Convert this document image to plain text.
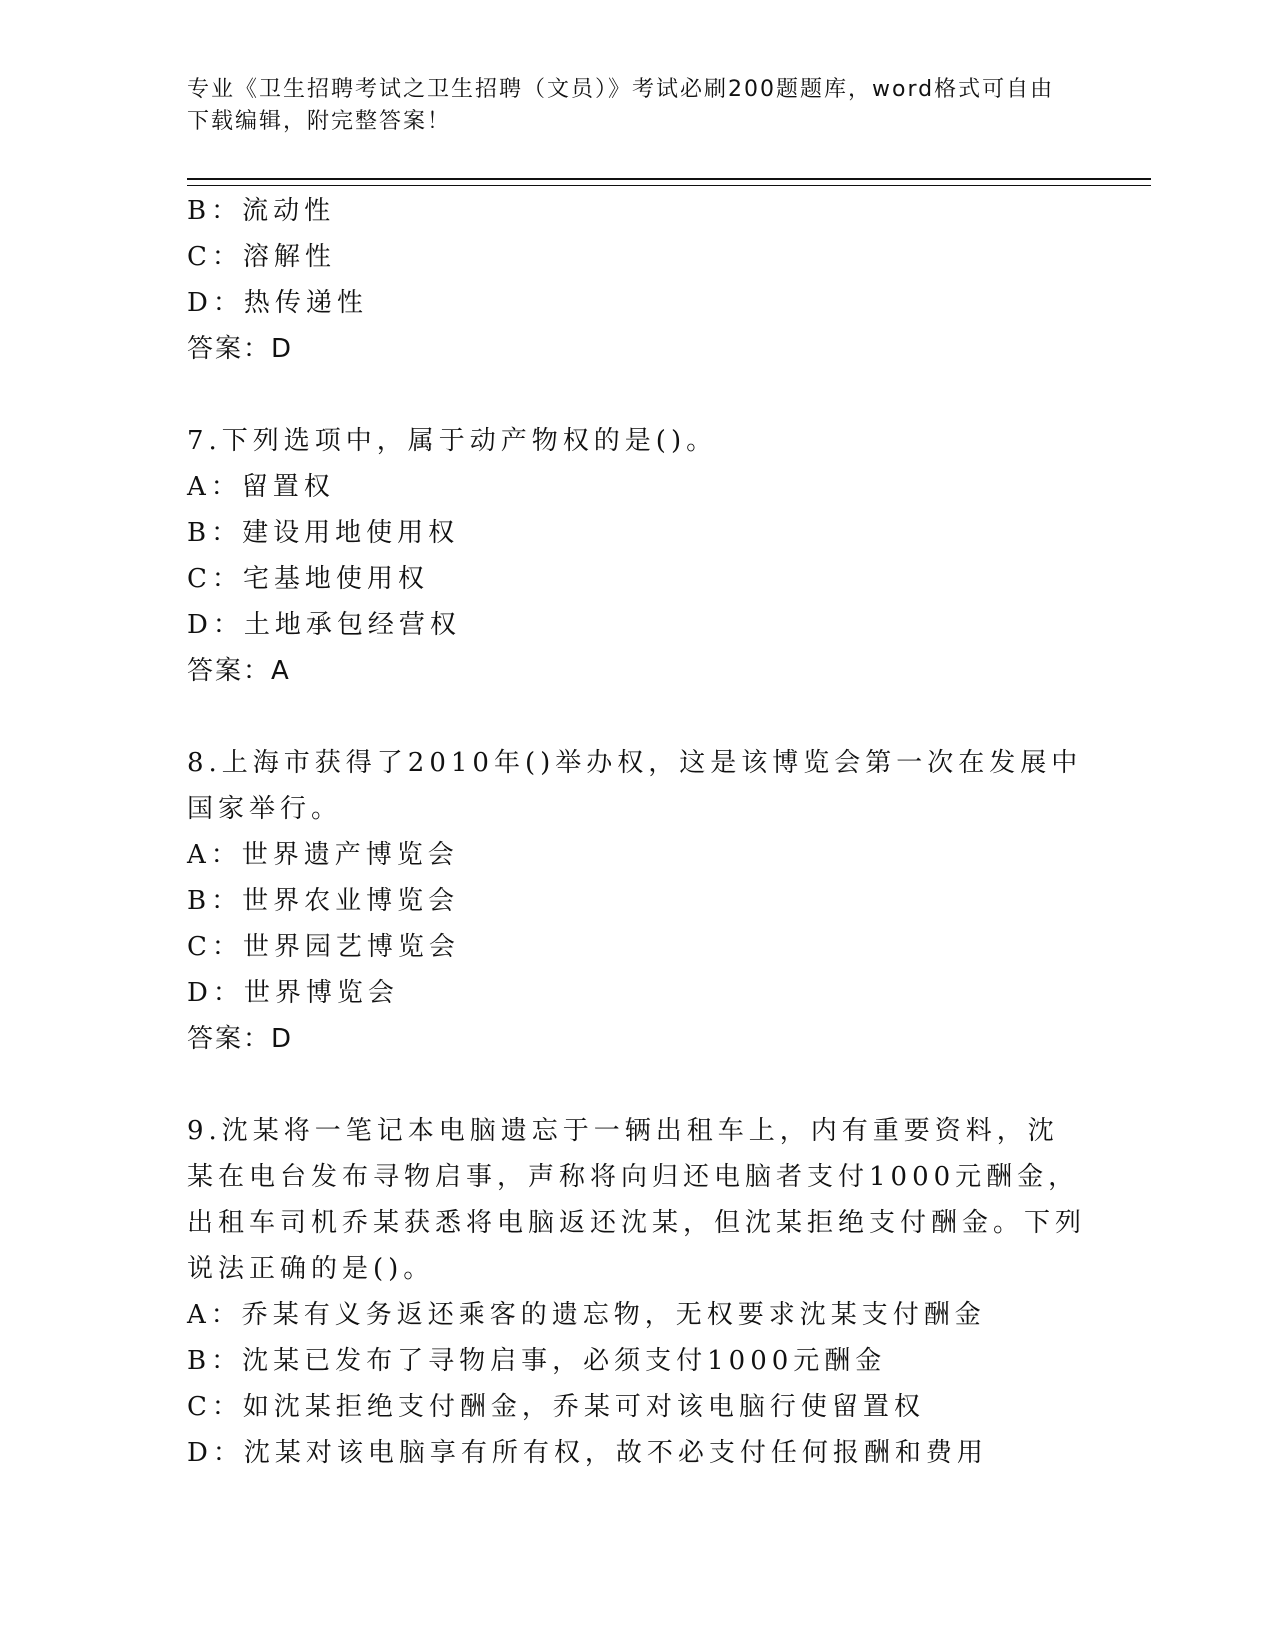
专业《卫生招聘考试之卫生招聘（文员）》考试必刷200题题库，word格式可自由下载编辑，附完整答案！
B：流动性
C：溶解性
D：热传递性
答案：D
7.下列选项中，属于动产物权的是()。
A：留置权
B：建设用地使用权
C：宅基地使用权
D：土地承包经营权
答案：A
8.上海市获得了2010年()举办权，这是该博览会第一次在发展中国家举行。
A：世界遗产博览会
B：世界农业博览会
C：世界园艺博览会
D：世界博览会
答案：D
9.沈某将一笔记本电脑遗忘于一辆出租车上，内有重要资料，沈某在电台发布寻物启事，声称将向归还电脑者支付1000元酬金，出租车司机乔某获悉将电脑返还沈某，但沈某拒绝支付酬金。下列说法正确的是()。
A：乔某有义务返还乘客的遗忘物，无权要求沈某支付酬金
B：沈某已发布了寻物启事，必须支付1000元酬金
C：如沈某拒绝支付酬金，乔某可对该电脑行使留置权
D：沈某对该电脑享有所有权，故不必支付任何报酬和费用
